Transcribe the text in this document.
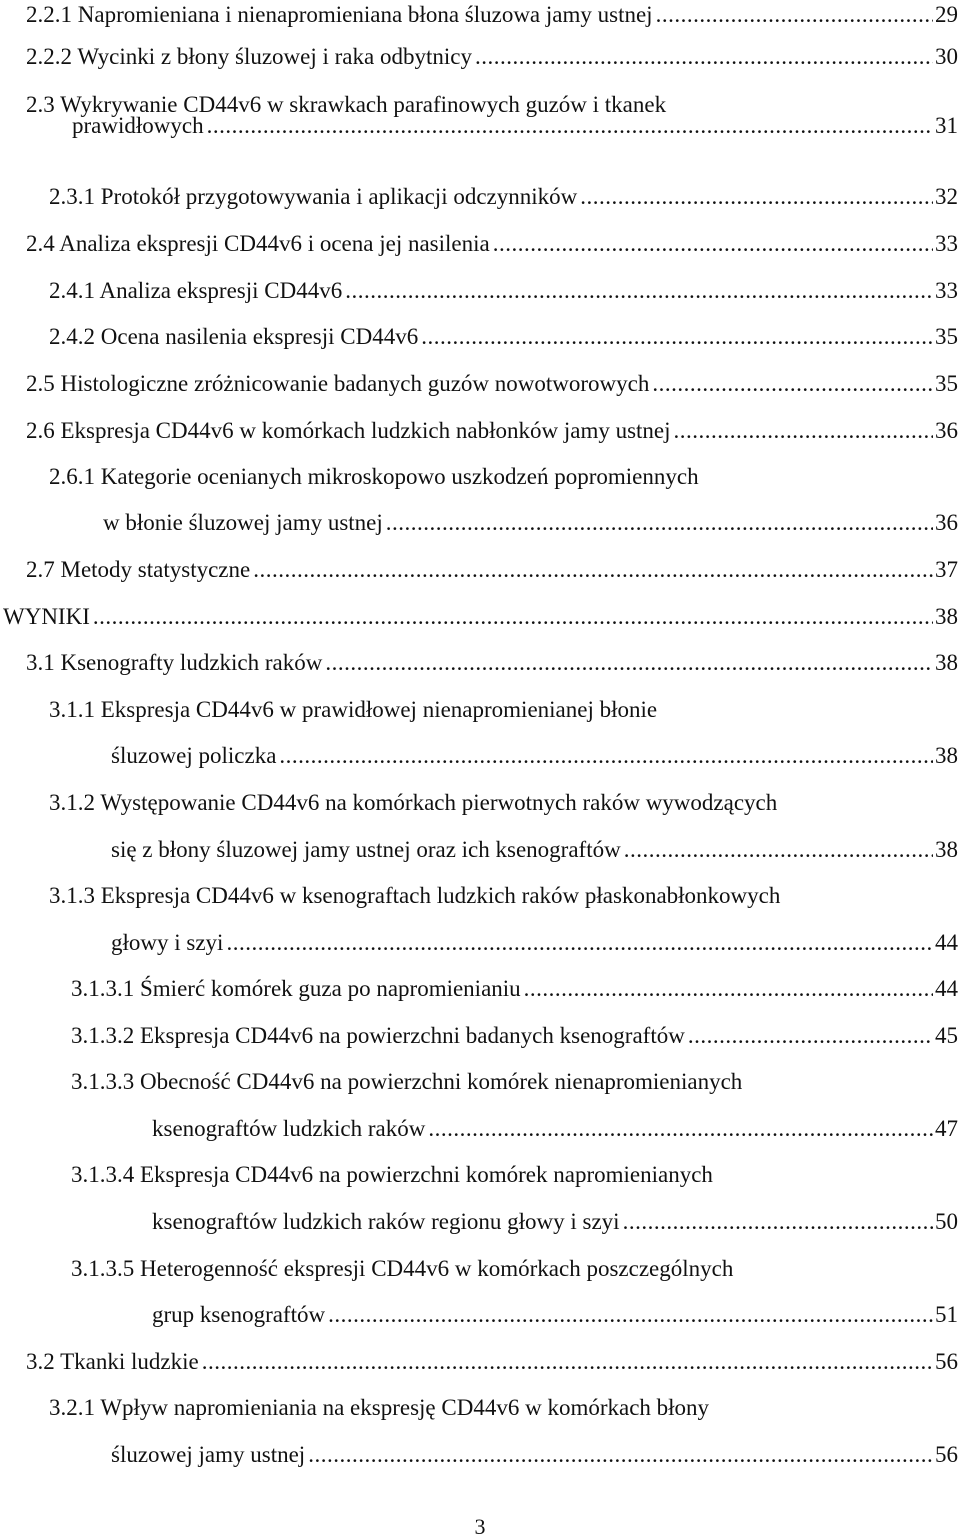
2.2.1 Napromieniana i nienapromieniana błona śluzowa jamy ustnej .....	29
2.2.2 Wycinki z błony śluzowej i raka odbytnicy .....	30
2.3 Wykrywanie CD44v6 w skrawkach parafinowych guzów i tkanek
prawidłowych .....	31
2.3.1 Protokół przygotowywania i aplikacji odczynników .....	32
2.4 Analiza ekspresji CD44v6 i ocena jej nasilenia .....	33
2.4.1 Analiza ekspresji CD44v6 .....	33
2.4.2 Ocena nasilenia ekspresji CD44v6 .....	35
2.5 Histologiczne zróżnicowanie badanych guzów nowotworowych .....	35
2.6 Ekspresja CD44v6 w komórkach ludzkich nabłonków jamy ustnej .....	36
2.6.1 Kategorie ocenianych mikroskopowo uszkodzeń popromiennych
w błonie śluzowej jamy ustnej .....	36
2.7 Metody statystyczne .....	37
WYNIKI .....	38
3.1 Ksenografty ludzkich raków .....	38
3.1.1 Ekspresja CD44v6 w prawidłowej nienapromienianej błonie
śluzowej policzka .....	38
3.1.2 Występowanie CD44v6 na komórkach pierwotnych raków wywodzących
się z błony śluzowej jamy ustnej oraz ich ksenograftów .....	38
3.1.3 Ekspresja CD44v6 w ksenograftach ludzkich raków płaskonabłonkowych
głowy i szyi .....	44
3.1.3.1 Śmierć komórek guza po napromienianiu .....	44
3.1.3.2 Ekspresja CD44v6 na powierzchni badanych ksenograftów .....	45
3.1.3.3 Obecność CD44v6 na powierzchni komórek nienapromienianych
ksenograftów ludzkich raków .....	47
3.1.3.4 Ekspresja CD44v6 na powierzchni komórek napromienianych
ksenograftów ludzkich raków regionu głowy i szyi .....	50
3.1.3.5 Heterogenność ekspresji CD44v6 w komórkach poszczególnych
grup ksenograftów .....	51
3.2 Tkanki ludzkie .....	56
3.2.1 Wpływ napromieniania na ekspresję CD44v6 w komórkach błony
śluzowej jamy ustnej .....	56
3
